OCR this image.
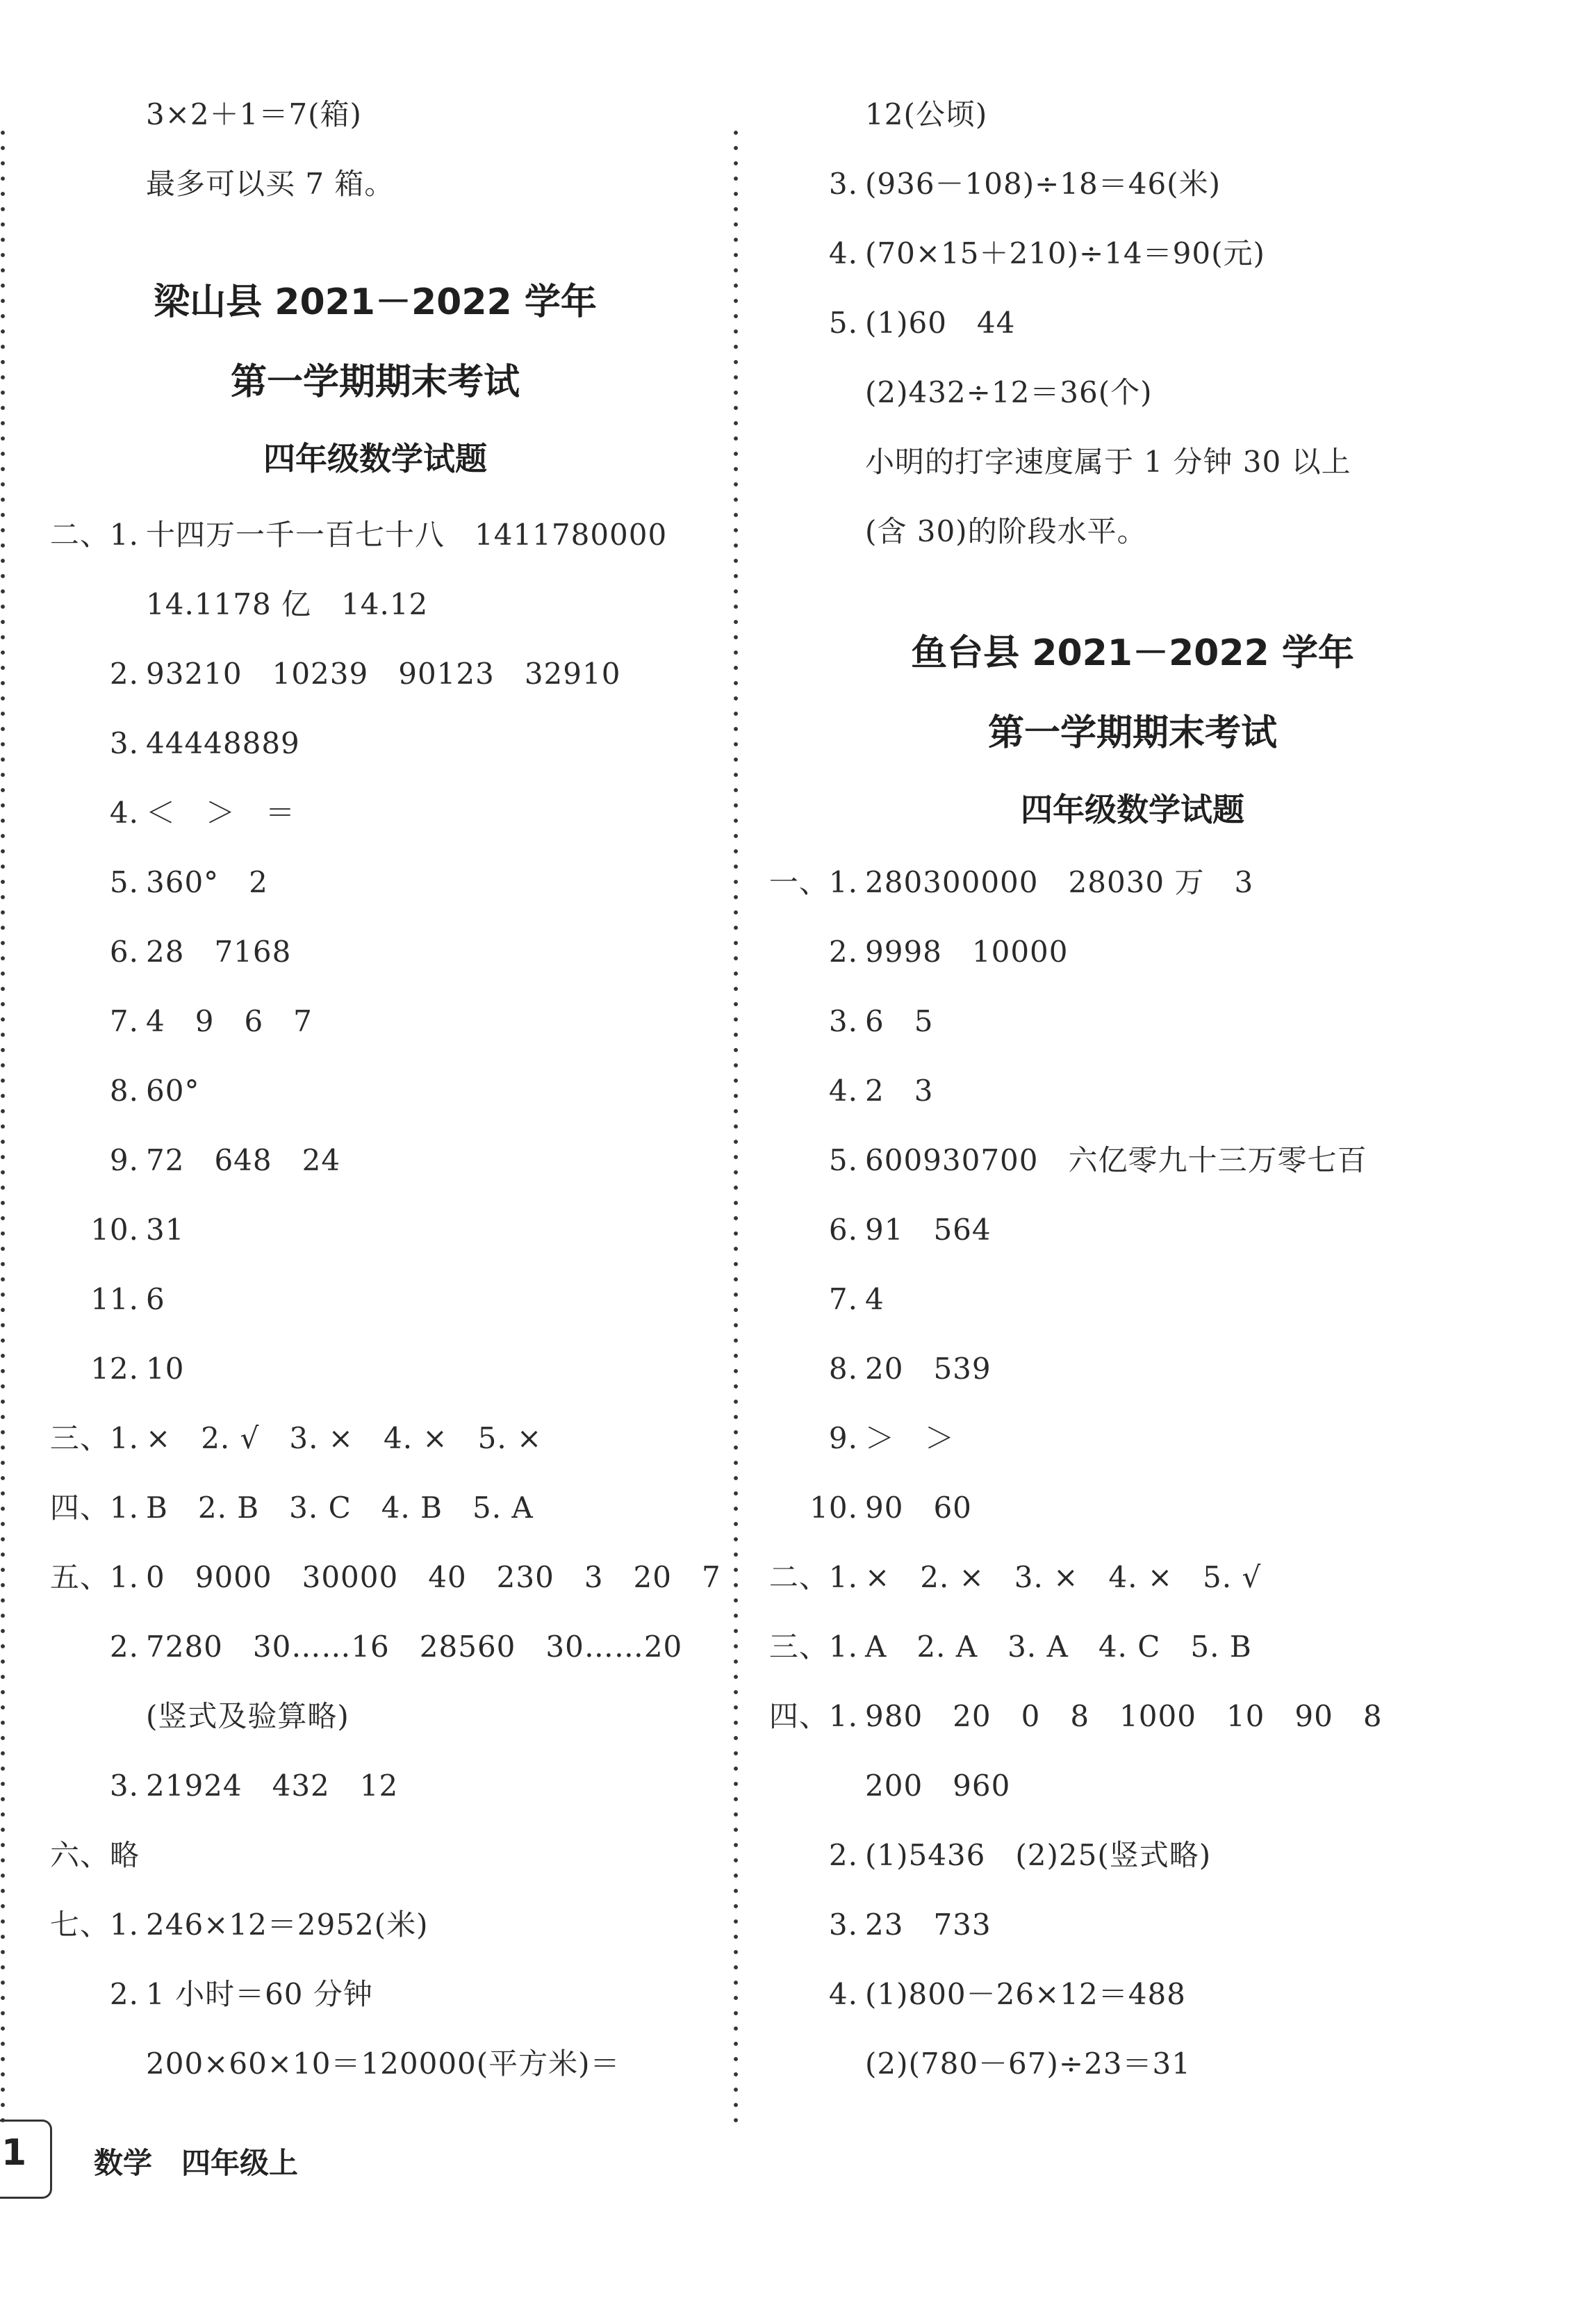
梁山县 2021－2022 学年
第一学期期末考试
四年级数学试题
3×2＋1＝7(箱)
最多可以买 7 箱。
二、1. 十四万一千一百七十八　1411780000
14.1178 亿　14.12
2. 93210　10239　90123　32910
3. 44448889
4. ＜　＞　＝
5. 360°　2
6. 28　7168
7. 4　9　6　7
8. 60°
9. 72　648　24
10. 31
11. 6
12. 10
三、1. ×　2. √　3. ×　4. ×　5. ×
四、1. B　2. B　3. C　4. B　5. A
五、1. 0　9000　30000　40　230　3　20　7
2. 7280　30……16　28560　30……20
(竖式及验算略)
3. 21924　432　12
六、略
七、1. 246×12＝2952(米)
2. 1 小时＝60 分钟
200×60×10＝120000(平方米)＝
鱼台县 2021－2022 学年
第一学期期末考试
四年级数学试题
12(公顷)
3. (936－108)÷18＝46(米)
4. (70×15＋210)÷14＝90(元)
5. (1)60　44
(2)432÷12＝36(个)
小明的打字速度属于 1 分钟 30 以上
(含 30)的阶段水平。
一、1. 280300000　28030 万　3
2. 9998　10000
3. 6　5
4. 2　3
5. 600930700　六亿零九十三万零七百
6. 91　564
7. 4
8. 20　539
9. ＞　＞
10. 90　60
二、1. ×　2. ×　3. ×　4. ×　5. √
三、1. A　2. A　3. A　4. C　5. B
四、1. 980　20　0　8　1000　10　90　8
200　960
2. (1)5436　(2)25(竖式略)
3. 23　733
4. (1)800－26×12＝488
(2)(780－67)÷23＝31
1 数学　四年级上
